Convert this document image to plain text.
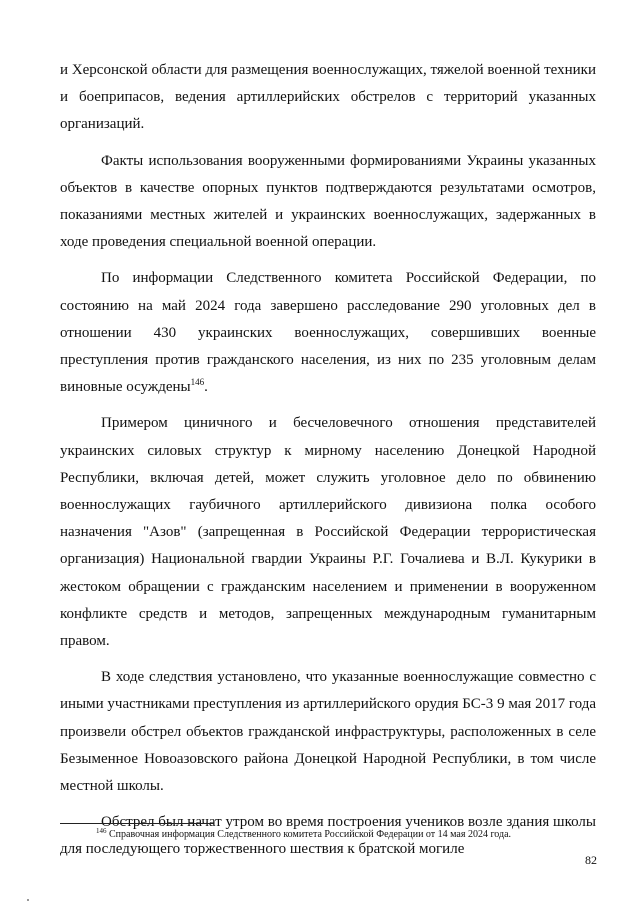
и Херсонской области для размещения военнослужащих, тяжелой военной техники и боеприпасов, ведения артиллерийских обстрелов с территорий указанных организаций.

Факты использования вооруженными формированиями Украины указанных объектов в качестве опорных пунктов подтверждаются результатами осмотров, показаниями местных жителей и украинских военнослужащих, задержанных в ходе проведения специальной военной операции.

По информации Следственного комитета Российской Федерации, по состоянию на май 2024 года завершено расследование 290 уголовных дел в отношении 430 украинских военнослужащих, совершивших военные преступления против гражданского населения, из них по 235 уголовным делам виновные осуждены$^{146}$.

Примером циничного и бесчеловечного отношения представителей украинских силовых структур к мирному населению Донецкой Народной Республики, включая детей, может служить уголовное дело по обвинению военнослужащих гаубичного артиллерийского дивизиона полка особого назначения "Азов" (запрещенная в Российской Федерации террористическая организация) Национальной гвардии Украины Р.Г. Гочалиева и В.Л. Кукурики в жестоком обращении с гражданским населением и применении в вооруженном конфликте средств и методов, запрещенных международным гуманитарным правом.

В ходе следствия установлено, что указанные военнослужащие совместно с иными участниками преступления из артиллерийского орудия БС-3 9 мая 2017 года произвели обстрел объектов гражданской инфраструктуры, расположенных в селе Безыменное Новоазовского района Донецкой Народной Республики, в том числе местной школы.

Обстрел был начат утром во время построения учеников возле здания школы для последующего торжественного шествия к братской могиле

$^{146}$ Справочная информация Следственного комитета Российской Федерации от 14 мая 2024 года.
82
